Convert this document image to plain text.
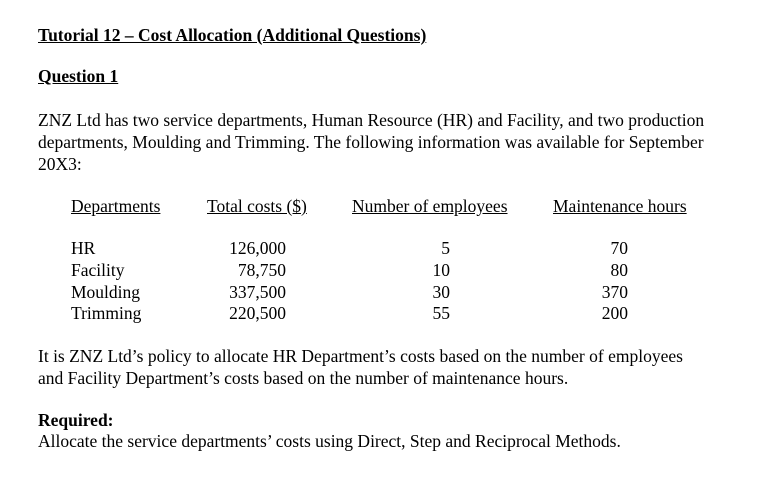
Tutorial 12 – Cost Allocation (Additional Questions)
Question 1
ZNZ Ltd has two service departments, Human Resource (HR) and Facility, and two production
departments, Moulding and Trimming. The following information was available for September
20X3:
Departments	Total costs ($)	Number of employees	Maintenance hours
HR	126,000	5	70
Facility	78,750	10	80
Moulding	337,500	30	370
Trimming	220,500	55	200
It is ZNZ Ltd’s policy to allocate HR Department’s costs based on the number of employees
and Facility Department’s costs based on the number of maintenance hours.
Required:
Allocate the service departments’ costs using Direct, Step and Reciprocal Methods.
